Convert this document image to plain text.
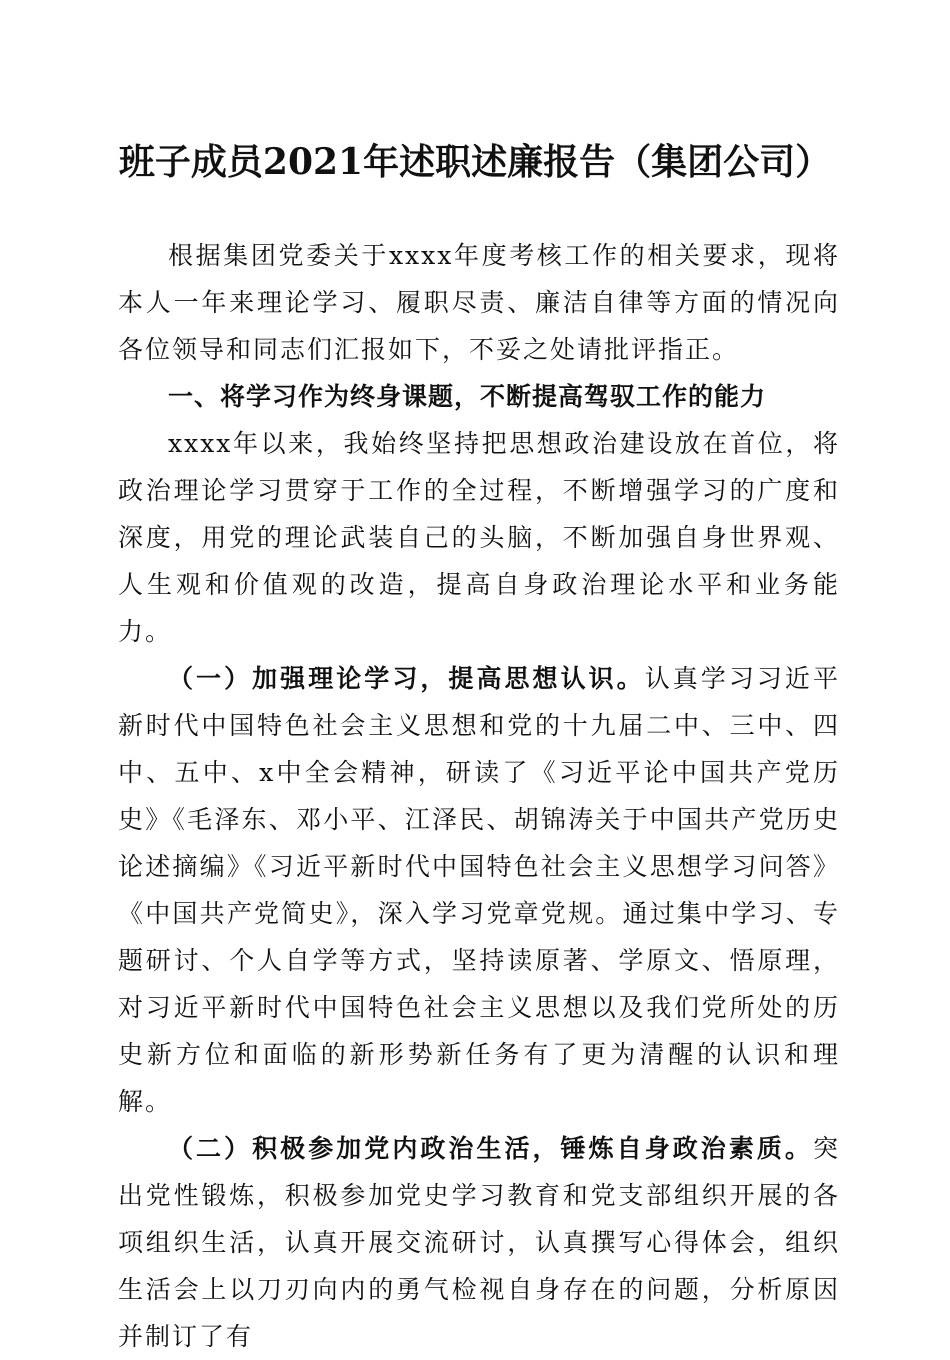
班子成员2021年述职述廉报告（集团公司）

根据集团党委关于xxxx年度考核工作的相关要求，现将本人一年来理论学习、履职尽责、廉洁自律等方面的情况向各位领导和同志们汇报如下，不妥之处请批评指正。

一、将学习作为终身课题，不断提高驾驭工作的能力

xxxx年以来，我始终坚持把思想政治建设放在首位，将政治理论学习贯穿于工作的全过程，不断增强学习的广度和深度，用党的理论武装自己的头脑，不断加强自身世界观、人生观和价值观的改造，提高自身政治理论水平和业务能力。

（一）加强理论学习，提高思想认识。认真学习习近平新时代中国特色社会主义思想和党的十九届二中、三中、四中、五中、x中全会精神，研读了《习近平论中国共产党历史》《毛泽东、邓小平、江泽民、胡锦涛关于中国共产党历史论述摘编》《习近平新时代中国特色社会主义思想学习问答》《中国共产党简史》，深入学习党章党规。通过集中学习、专题研讨、个人自学等方式，坚持读原著、学原文、悟原理，对习近平新时代中国特色社会主义思想以及我们党所处的历史新方位和面临的新形势新任务有了更为清醒的认识和理解。

（二）积极参加党内政治生活，锤炼自身政治素质。突出党性锻炼，积极参加党史学习教育和党支部组织开展的各项组织生活，认真开展交流研讨，认真撰写心得体会，组织生活会上以刀刃向内的勇气检视自身存在的问题，分析原因并制订了有
